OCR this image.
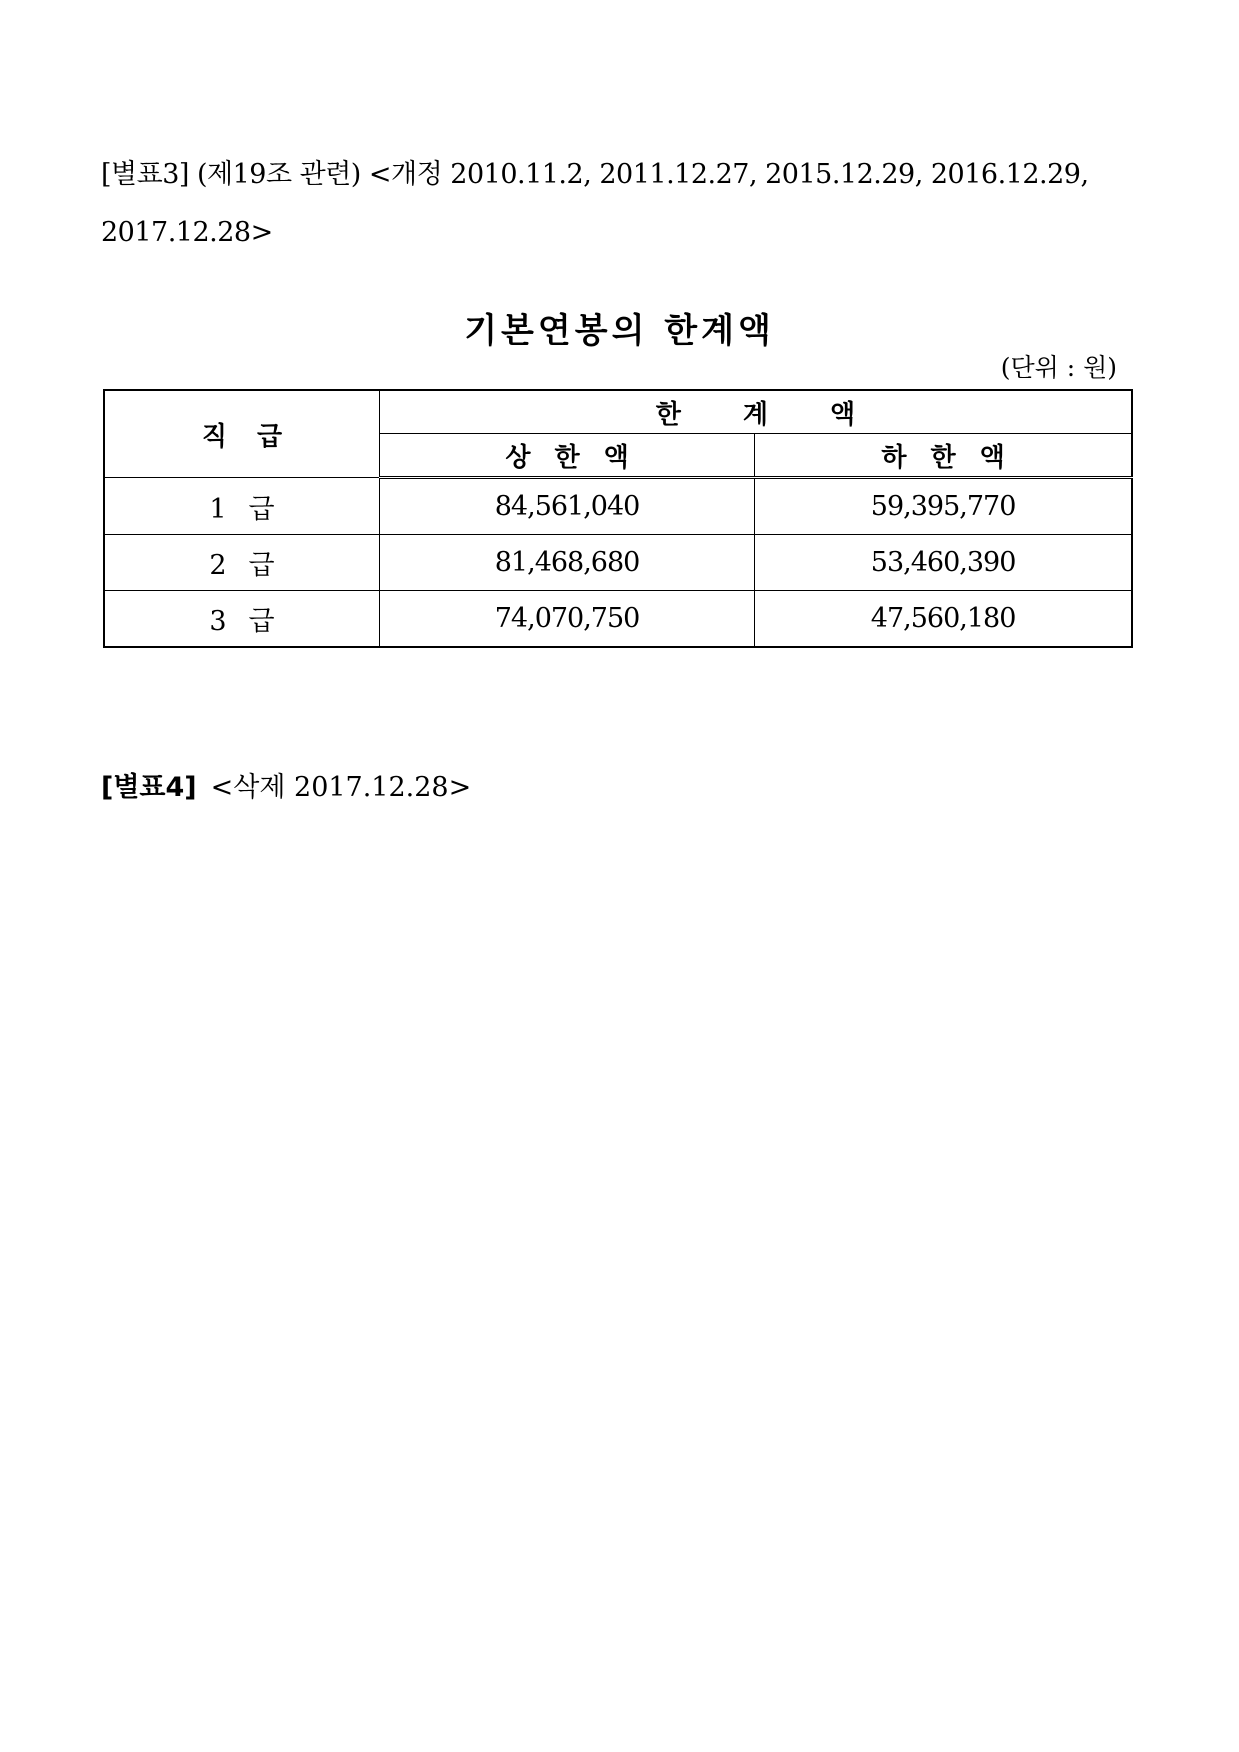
[별표3] (제19조 관련) <개정 2010.11.2, 2011.12.27, 2015.12.29, 2016.12.29,
2017.12.28>
기본연봉의 한계액
(단위 : 원)
직급	한계액	
	상한액	하한액
1급	84,561,040	59,395,770
2급	81,468,680	53,460,390
3급	74,070,750	47,560,180
[별표4] <삭제 2017.12.28>
